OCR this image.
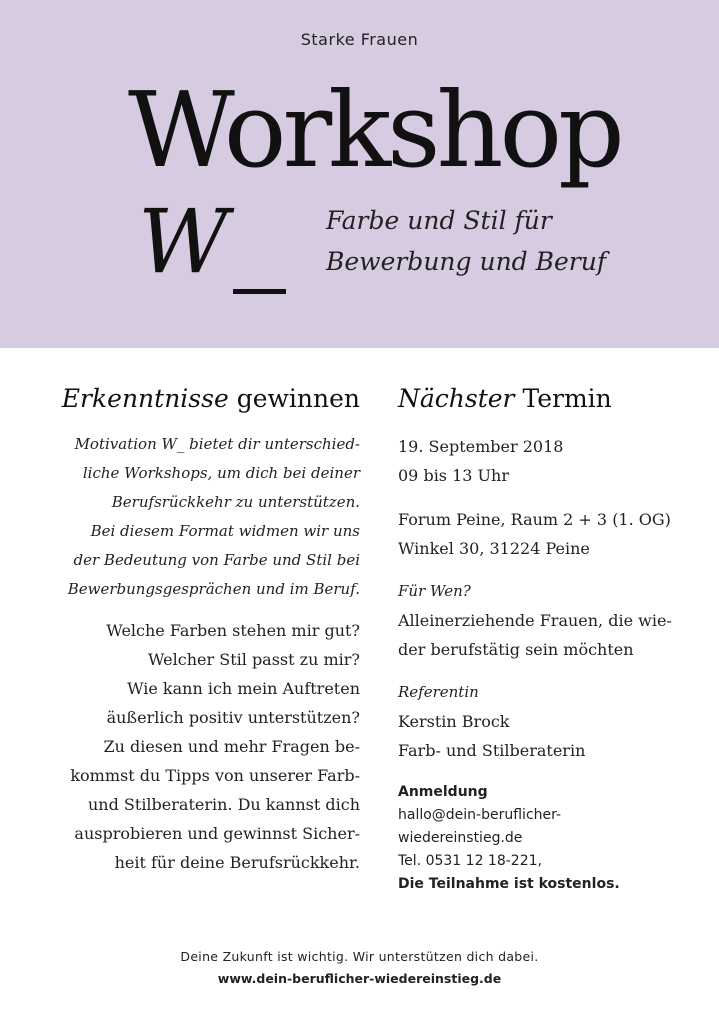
Starke Frauen
Workshop
W	Farbe und Stil für
Bewerbung und Beruf
Erkenntnisse gewinnen
Motivation W_ bietet dir unterschied-
liche Workshops, um dich bei deiner
Berufsrückkehr zu unterstützen.
Bei diesem Format widmen wir uns
der Bedeutung von Farbe und Stil bei
Bewerbungsgesprächen und im Beruf.
Welche Farben stehen mir gut?
Welcher Stil passt zu mir?
Wie kann ich mein Auftreten
äußerlich positiv unterstützen?
Zu diesen und mehr Fragen be-
kommst du Tipps von unserer Farb-
und Stilberaterin. Du kannst dich
ausprobieren und gewinnst Sicher-
heit für deine Berufsrückkehr.
Nächster Termin
19. September 2018
09 bis 13 Uhr
Forum Peine, Raum 2 + 3 (1. OG)
Winkel 30, 31224 Peine
Für Wen?
Alleinerziehende Frauen, die wie-
der berufstätig sein möchten
Referentin
Kerstin Brock
Farb- und Stilberaterin
Anmeldung
hallo@dein-beruflicher-
wiedereinstieg.de
Tel. 0531 12 18-221,
Die Teilnahme ist kostenlos.
Deine Zukunft ist wichtig. Wir unterstützen dich dabei.
www.dein-beruflicher-wiedereinstieg.de
